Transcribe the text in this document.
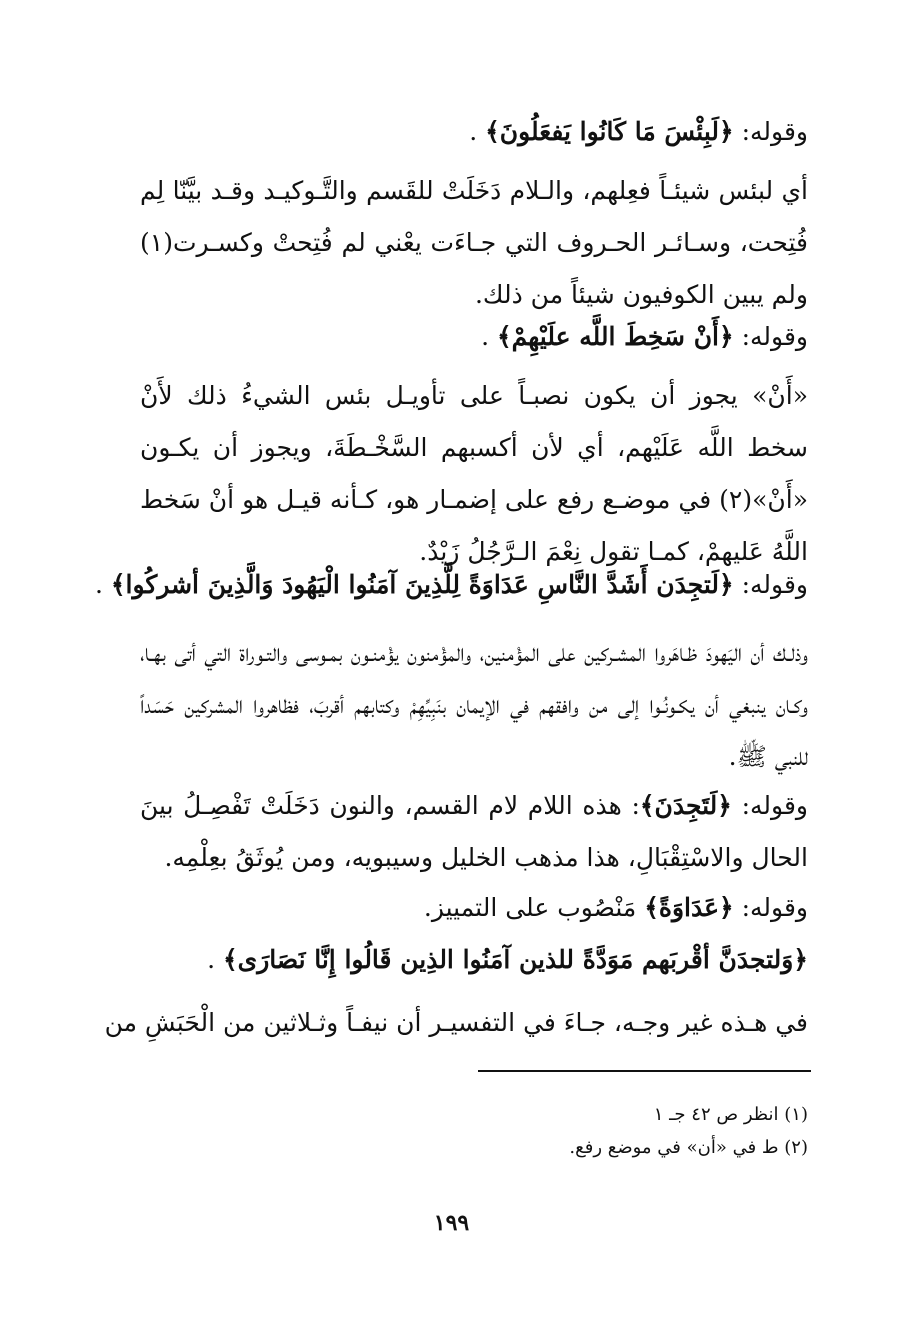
وقوله: ﴿لَبِئْسَ مَا كَانُوا يَفعَلُونَ﴾ .
أي لبئس شيئـاً فعِلهم، والـلام دَخَلَتْ للقَسم والتَّـوكيـد وقـد بيَّنّا لِم فُتِحت، وسـائـر الحـروف التي جـاءَت يعْني لم فُتِحتْ وكسـرت(١) ولم يبين الكوفيون شيئاً من ذلك.
وقوله: ﴿أَنْ سَخِطَ اللَّه علَيْهِمْ﴾ .
«أَنْ» يجوز أن يكون نصبـاً على تأويـل بئس الشيءُ ذلك لأَنْ سخط اللَّه عَلَيْهم، أي لأن أكسبهم السَّخْـطَةَ، ويجوز أن يكـون «أَنْ»(٢) في موضـع رفع على إضمـار هو، كـأنه قيـل هو أنْ سَخط اللَّهُ عَليهمْ، كمـا تقول نِعْمَ الـرَّجُلُ زَيْدٌ.
وقوله: ﴿لَتجِدَن أَشَدَّ النَّاسِ عَدَاوَةً لِلَّذِينَ آمَنُوا الْيَهُودَ وَالَّذِينَ أشركُوا﴾ .
وذلـك أن اليَهودَ ظـاهَروا المشـركين على المؤْمنين، والمؤْمنون يؤْمنـون بمـوسى والتـوراة التي أتى بهـا، وكـان ينبغي أن يكـونُـوا إلى من وافقهم في الإيمان بنَبِيِّهِمْ وكتابهم أقربَ، فظاهروا المشركين حَسَداً للنبي ﷺ.
وقوله: ﴿لَتَجِدَنَ﴾: هذه اللام لام القسم، والنون دَخَلَتْ تَفْصِـلُ بينَ الحال والاسْتِقْبَالِ، هذا مذهب الخليل وسيبويه، ومن يُوثَقُ بعِلْمِه.
وقوله: ﴿عَدَاوَةً﴾ مَنْصُوب على التمييز.
﴿وَلتجدَنَّ أقْربَهم مَوَدَّةً للذين آمَنُوا الذِين قَالُوا إِنَّا نَصَارَى﴾ .
في هـذه غير وجـه، جـاءَ في التفسيـر أن نيفـاً وثـلاثين من الْحَبَشِ من
(١) انظر ص ٤٢ جـ ١
(٢) ط في «أن» في موضع رفع.
١٩٩
